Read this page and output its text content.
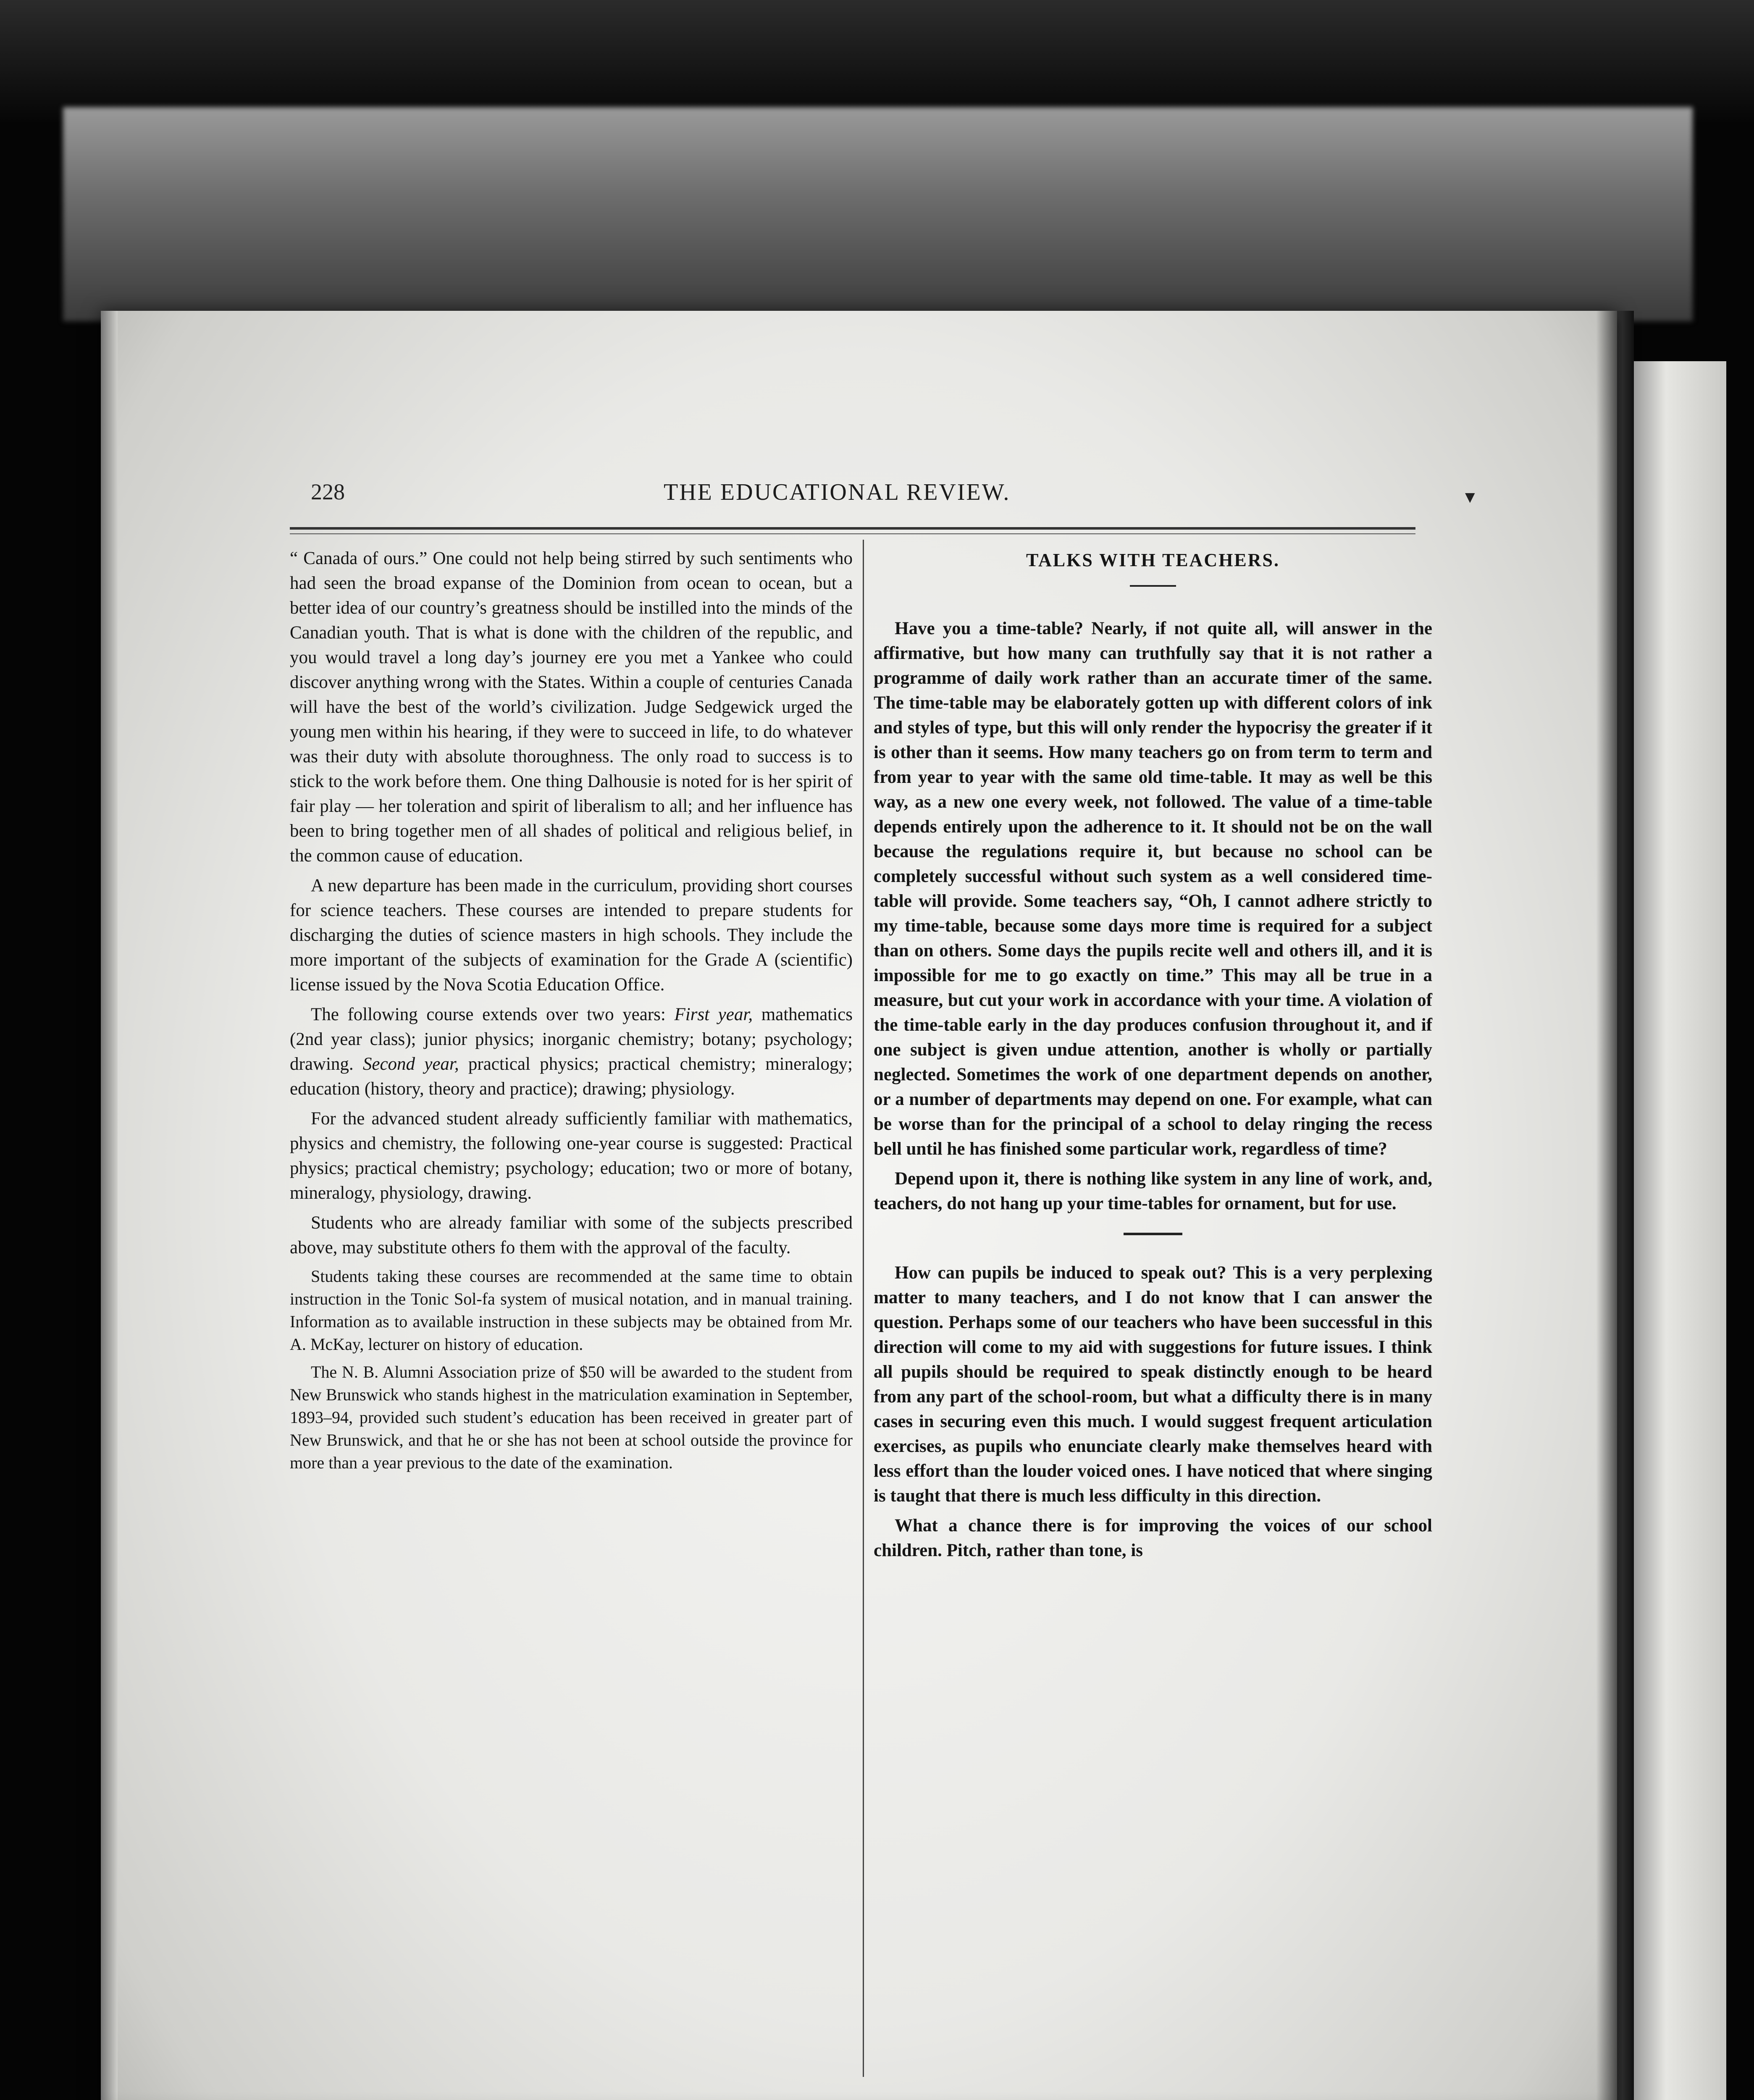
228	THE EDUCATIONAL REVIEW.	▼

“ Canada of ours.” One could not help being stirred by such sentiments who had seen the broad expanse of the Dominion from ocean to ocean, but a better idea of our country’s greatness should be instilled into the minds of the Canadian youth. That is what is done with the children of the republic, and you would travel a long day’s journey ere you met a Yankee who could discover anything wrong with the States. Within a couple of centuries Canada will have the best of the world’s civilization. Judge Sedgewick urged the young men within his hearing, if they were to succeed in life, to do whatever was their duty with absolute thoroughness. The only road to success is to stick to the work before them. One thing Dalhousie is noted for is her spirit of fair play — her toleration and spirit of liberalism to all; and her influence has been to bring together men of all shades of political and religious belief, in the common cause of education.

A new departure has been made in the curriculum, providing short courses for science teachers. These courses are intended to prepare students for discharging the duties of science masters in high schools. They include the more important of the subjects of examination for the Grade A (scientific) license issued by the Nova Scotia Education Office.

The following course extends over two years: First year, mathematics (2nd year class); junior physics; inorganic chemistry; botany; psychology; drawing. Second year, practical physics; practical chemistry; mineralogy; education (history, theory and practice); drawing; physiology.

For the advanced student already sufficiently familiar with mathematics, physics and chemistry, the following one-year course is suggested: Practical physics; practical chemistry; psychology; education; two or more of botany, mineralogy, physiology, drawing.

Students who are already familiar with some of the subjects prescribed above, may substitute others fo them with the approval of the faculty.

Students taking these courses are recommended at the same time to obtain instruction in the Tonic Sol-fa system of musical notation, and in manual training. Information as to available instruction in these subjects may be obtained from Mr. A. McKay, lecturer on history of education.

The N. B. Alumni Association prize of $50 will be awarded to the student from New Brunswick who stands highest in the matriculation examination in September, 1893–94, provided such student’s education has been received in greater part of New Brunswick, and that he or she has not been at school outside the province for more than a year previous to the date of the examination.

TALKS WITH TEACHERS.

Have you a time-table? Nearly, if not quite all, will answer in the affirmative, but how many can truthfully say that it is not rather a programme of daily work rather than an accurate timer of the same. The time-table may be elaborately gotten up with different colors of ink and styles of type, but this will only render the hypocrisy the greater if it is other than it seems. How many teachers go on from term to term and from year to year with the same old time-table. It may as well be this way, as a new one every week, not followed. The value of a time-table depends entirely upon the adherence to it. It should not be on the wall because the regulations require it, but because no school can be completely successful without such system as a well considered time-table will provide. Some teachers say, “Oh, I cannot adhere strictly to my time-table, because some days more time is required for a subject than on others. Some days the pupils recite well and others ill, and it is impossible for me to go exactly on time.” This may all be true in a measure, but cut your work in accordance with your time. A violation of the time-table early in the day produces confusion throughout it, and if one subject is given undue attention, another is wholly or partially neglected. Sometimes the work of one department depends on another, or a number of departments may depend on one. For example, what can be worse than for the principal of a school to delay ringing the recess bell until he has finished some particular work, regardless of time?

Depend upon it, there is nothing like system in any line of work, and, teachers, do not hang up your time-tables for ornament, but for use.

How can pupils be induced to speak out? This is a very perplexing matter to many teachers, and I do not know that I can answer the question. Perhaps some of our teachers who have been successful in this direction will come to my aid with suggestions for future issues. I think all pupils should be required to speak distinctly enough to be heard from any part of the school-room, but what a difficulty there is in many cases in securing even this much. I would suggest frequent articulation exercises, as pupils who enunciate clearly make themselves heard with less effort than the louder voiced ones. I have noticed that where singing is taught that there is much less difficulty in this direction.

What a chance there is for improving the voices of our school children. Pitch, rather than tone, is
